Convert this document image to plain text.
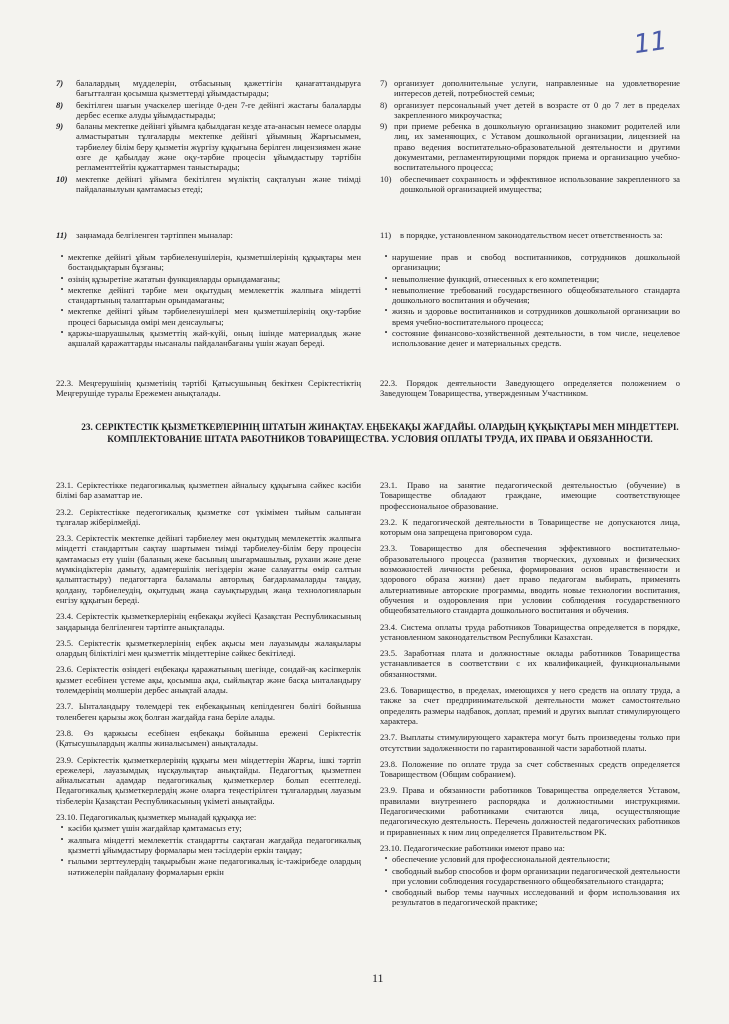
11
7)	балалардың мүдделерін, отбасының қажеттігін қанағаттандыруға бағытталған қосымша қызметтерді ұйымдастырады;
8)	бекітілген шағын учаскелер шегінде 0-ден 7-ге дейінгі жастағы балаларды дербес есепке алуды ұйымдастырады;
9)	баланы мектепке дейінгі ұйымға қабылдаған кезде ата-анасын немесе оларды алмастыратын тұлғаларды мектепке дейінгі ұйымның Жарғысымен, тәрбиелеу білім беру қызметін жүргізу құқығына берілген лицензиямен және өзге де қабылдау және оқу-тәрбие процесін ұйымдастыру тәртібін регламенттейтін құжаттармен таныстырады;
10) мектепке дейінгі ұйымға бекітілген мүліктің сақталуын және тиімді пайдаланылуын қамтамасыз етеді;
11)	заңнамада белгіленген тәртіппен мыналар:
• мектепке дейінгі ұйым тәрбиеленушілерін, қызметшілерінің құқықтары мен бостандықтарын бұзғаны;
• өзінің құзыретіне жататын функцияларды орындамағаны;
• мектепке дейінгі тәрбие мен оқытудың мемлекеттік жалпыға міндетті стандартының талаптарын орындамағаны;
• мектепке дейінгі ұйым тәрбиеленушілері мен қызметшілерінің оқу-тәрбие процесі барысында өмірі мен денсаулығы;
• қаржы-шаруашылық қызметтің жай-күйі, оның ішінде материалдық және ақшалай қаражаттарды нысаналы пайдаланбағаны үшін жауап береді.
22.3. Меңгерушінің қызметінің тәртібі Қатысушының бекіткен Серіктестіктің Меңгерушіде туралы Ережемен анықталады.
7) организует дополнительные услуги, направленные на удовлетворение интересов детей, потребностей семьи;
8) организует персональный учет детей в возрасте от 0 до 7 лет в пределах закрепленного микроучастка;
9) при приеме ребенка в дошкольную организацию знакомит родителей или лиц, их заменяющих, с Уставом дошкольной организации, лицензией на право ведения воспитательно-образовательной деятельности и другими документами, регламентирующими порядок приема и организацию учебно-воспитательного процесса;
10) обеспечивает сохранность и эффективное использование закрепленного за дошкольной организацией имущества;
11)	в порядке, установленном законодательством несет ответственность за:
• нарушение прав и свобод воспитанников, сотрудников дошкольной организации;
• невыполнение функций, отнесенных к его компетенции;
• невыполнение требований государственного общеобязательного стандарта дошкольного воспитания и обучения;
• жизнь и здоровье воспитанников и сотрудников дошкольной организации во время учебно-воспитательного процесса;
• состояние финансово-хозяйственной деятельности, в том числе, нецелевое использование денег и материальных средств.
22.3. Порядок деятельности Заведующего определяется положением о Заведующем Товарищества, утвержденным Участником.
23. СЕРІКТЕСТІК ҚЫЗМЕТКЕРЛЕРІНІҢ ШТАТЫН ЖИНАҚТАУ. ЕҢБЕКАҚЫ ЖАҒДАЙЫ. ОЛАРДЫҢ ҚҰҚЫҚТАРЫ МЕН МІНДЕТТЕРІ. КОМПЛЕКТОВАНИЕ ШТАТА РАБОТНИКОВ ТОВАРИЩЕСТВА. УСЛОВИЯ ОПЛАТЫ ТРУДА, ИХ ПРАВА И ОБЯЗАННОСТИ.
23.1. Серіктестікке педагогикалық қызметпен айналысу құқығына сәйкес кәсіби білімі бар азаматтар ие.
23.2. Серіктестікке педегогикалық қызметке сот үкімімен тыйым салынған тұлғалар жіберілмейді.
23.3. Серіктестік мектепке дейінгі тәрбиелеу мен оқытудың мемлекеттік жалпыға міндетті стандарттын сақтау шартымен тиімді тәрбиелеу-білім беру процесін қамтамасыз ету үшін (баланың жеке басының шығармашылық, рухани және дене мүмкіндіктерін дамыту, адамгершілік негіздерін және салауатты өмір салтын қалыптастыру) педагогтарға баламалы авторлық бағдарламаларды таңдау, қолдану, тәрбиелеудің, оқытудың жаңа сауықтырудың жаңа технологияларын енгізу құқығын береді.
23.4. Серіктестік қызметкерлерінің еңбекақы жүйесі Қазақстан Республикасының заңдарында белгіленген тәртіпте анықталады.
23.5. Серіктестік қызметкерлерінің еңбек ақысы мен лауазымды жалақылары олардың біліктілігі мен қызметтік міндеттеріне сәйкес бекітіледі.
23.6. Серіктестік өзіндегі еңбекақы қаражатының шегінде, сондай-ақ кәсіпкерлік қызмет есебінен үстеме ақы, қосымша ақы, сыйлықтар және басқа ынталандыру төлемдерінің мөлшерін дербес анықтай алады.
23.7. Ынталандыру төлемдері тек еңбекақының кепілденген бөлігі бойынша төленбеген қарызы жоқ болған жағдайда ғана беріле алады.
23.8. Өз қаржысы есебінен еңбекақы бойынша ережені Серіктестік (Қатысушылардың жалпы жиналысымен) анықталады.
23.9. Серіктестік қызметкерлерінің құқығы мен міндеттерін Жарғы, ішкі тәртіп ережелері, лауазымдық нұсқаулықтар анықтайды. Педагогтық қызметпен айналысатын адамдар педагогикалық қызметкерлер болып есептеледі. Педагогикалық қызметкерлердің және оларға теңестірілген тұлғалардың лауазым тізбелерін Қазақстан Республикасының үкіметі анықтайды.
23.10. Педагогикалық қызметкер мынадай құқыққа ие:
• кәсіби қызмет үшін жағдайлар қамтамасыз ету;
• жалпыға міндетті мемлекеттік стандартты сақтаған жағдайда педагогикалық қызметті ұйымдастыру формалары мен тәсілдерін еркін таңдау;
• ғылыми зерттеулердің тақырыбын және педагогикалық іс-тәжірибеде олардың нәтижелерін пайдалану формаларын еркін
23.1. Право на занятие педагогической деятельностью (обучение) в Товариществе обладают граждане, имеющие соответствующее профессиональное образование.
23.2. К педагогической деятельности в Товариществе не допускаются лица, которым она запрещена приговором суда.
23.3. Товарищество для обеспечения эффективного воспитательно-образовательного процесса (развития творческих, духовных и физических возможностей личности ребенка, формирования основ нравственности и здорового образа жизни) дает право педагогам выбирать, применять альтернативные авторские программы, вводить новые технологии воспитания, обучения и оздоровления при условии соблюдения государственного общеобязательного стандарта дошкольного воспитания и обучения.
23.4. Система оплаты труда работников Товарищества определяется в порядке, установленном законодательством Республики Казахстан.
23.5. Заработная плата и должностные оклады работников Товарищества устанавливается в соответствии с их квалификацией, функциональными обязанностями.
23.6. Товарищество, в пределах, имеющихся у него средств на оплату труда, а также за счет предпринимательской деятельности может самостоятельно определять размеры надбавок, доплат, премий и других выплат стимулирующего характера.
23.7. Выплаты стимулирующего характера могут быть произведены только при отсутствии задолженности по гарантированной части заработной платы.
23.8. Положение по оплате труда за счет собственных средств определяется Товариществом (Общим собранием).
23.9. Права и обязанности работников Товарищества определяется Уставом, правилами внутреннего распорядка и должностными инструкциями. Педагогическими работниками считаются лица, осуществляющие педагогическую деятельность. Перечень должностей педагогических работников и приравненных к ним лиц определяется Правительством РК.
23.10. Педагогические работники имеют право на:
• обеспечение условий для профессиональной деятельности;
• свободный выбор способов и форм организации педагогической деятельности при условии соблюдения государственного общеобязательного стандарта;
• свободный выбор темы научных исследований и форм использования их результатов в педагогической практике;
11
